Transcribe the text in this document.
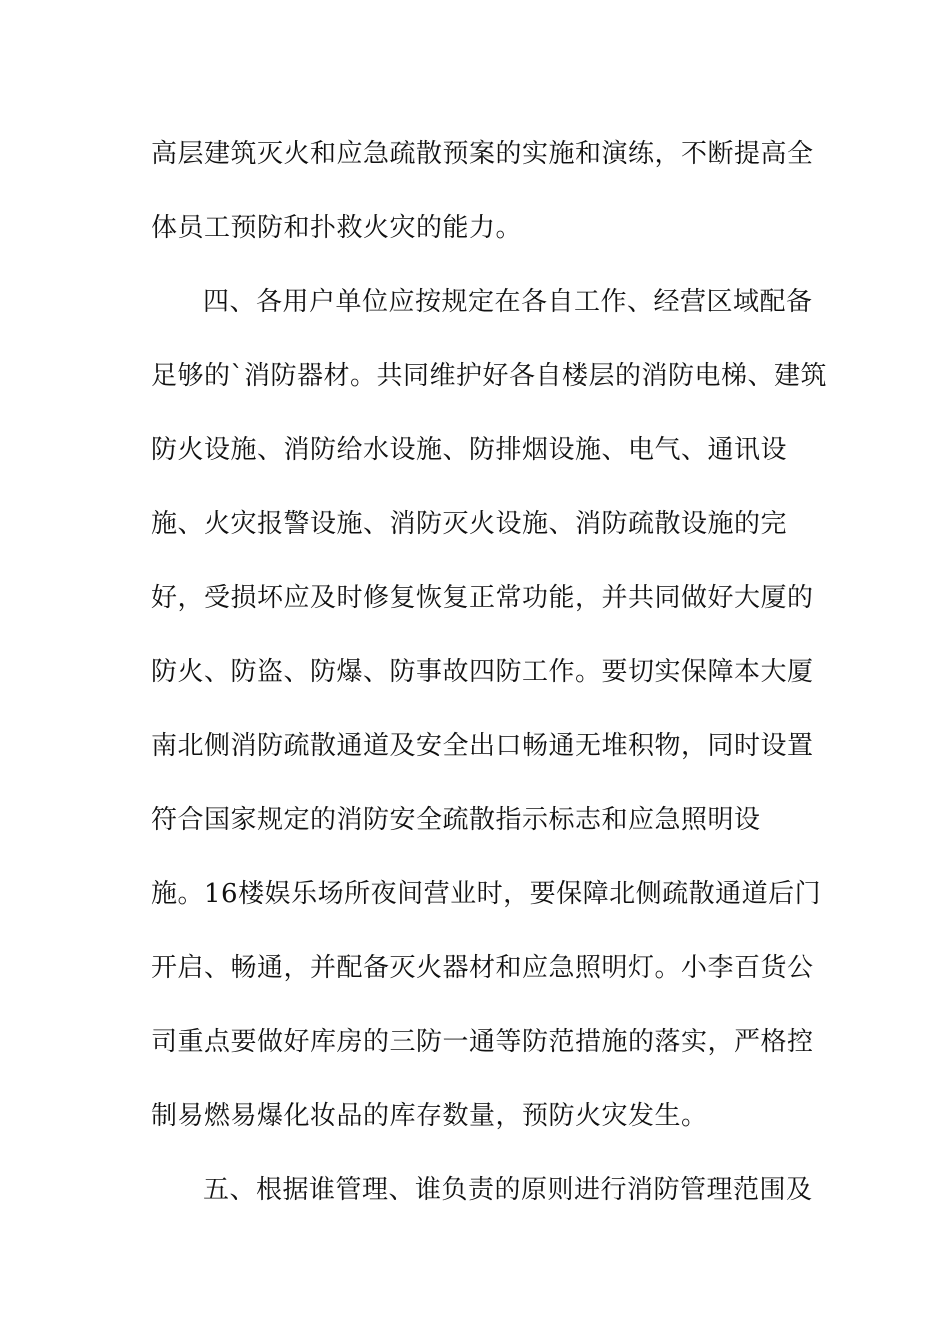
高层建筑灭火和应急疏散预案的实施和演练，不断提高全

体员工预防和扑救火灾的能力。

四、各用户单位应按规定在各自工作、经营区域配备

足够的`消防器材。共同维护好各自楼层的消防电梯、建筑

防火设施、消防给水设施、防排烟设施、电气、通讯设

施、火灾报警设施、消防灭火设施、消防疏散设施的完

好，受损坏应及时修复恢复正常功能，并共同做好大厦的

防火、防盗、防爆、防事故四防工作。要切实保障本大厦

南北侧消防疏散通道及安全出口畅通无堆积物，同时设置

符合国家规定的消防安全疏散指示标志和应急照明设

施。16楼娱乐场所夜间营业时，要保障北侧疏散通道后门

开启、畅通，并配备灭火器材和应急照明灯。小李百货公

司重点要做好库房的三防一通等防范措施的落实，严格控

制易燃易爆化妆品的库存数量，预防火灾发生。

五、根据谁管理、谁负责的原则进行消防管理范围及
